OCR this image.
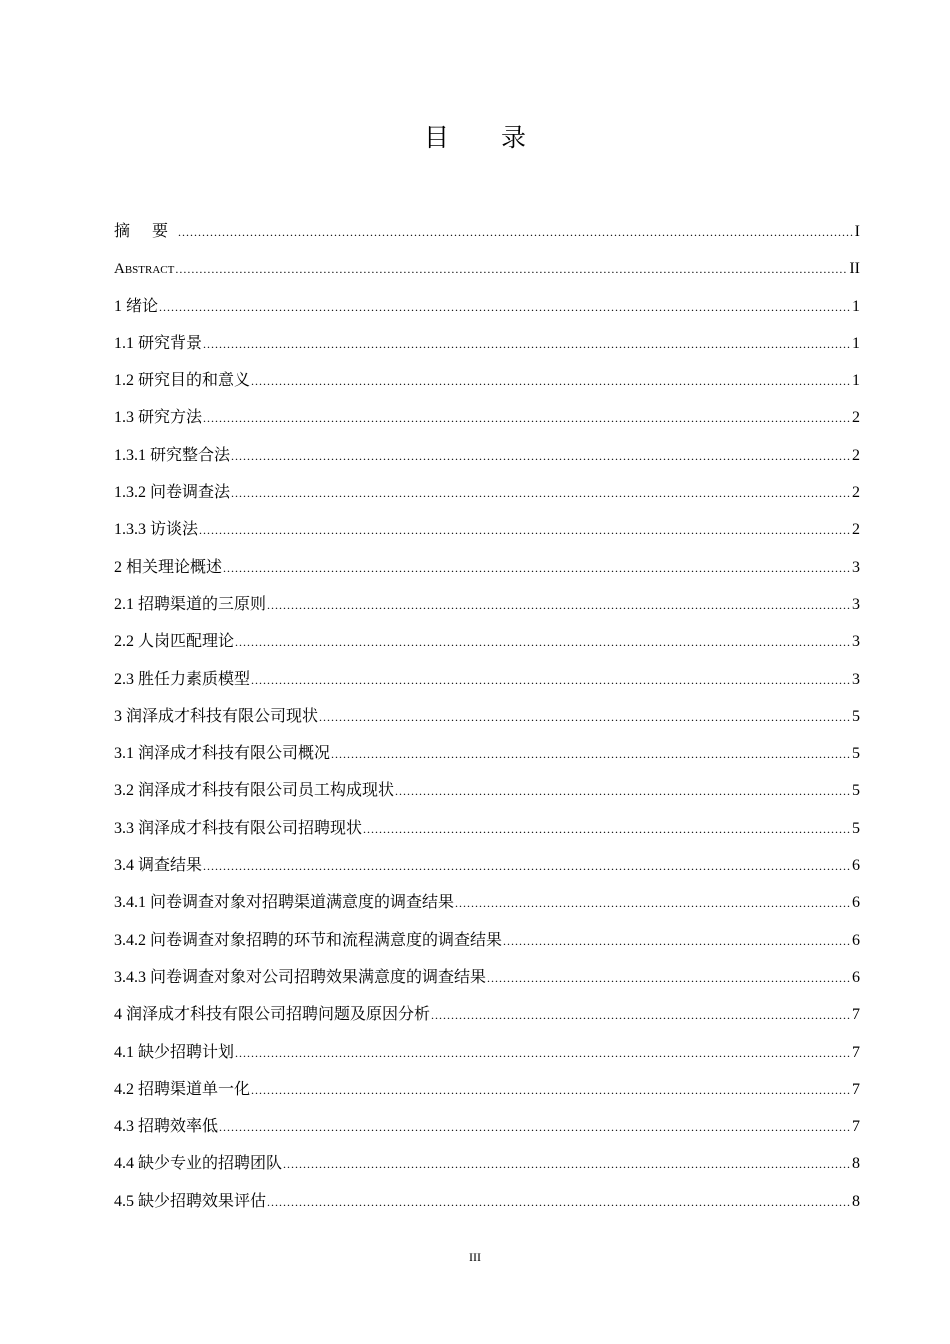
目 录
摘 要 .....	I
Abstract .....	II
1 绪论 .....	1
1.1 研究背景 .....	1
1.2 研究目的和意义 .....	1
1.3 研究方法 .....	2
1.3.1 研究整合法 .....	2
1.3.2 问卷调查法 .....	2
1.3.3 访谈法 .....	2
2 相关理论概述 .....	3
2.1 招聘渠道的三原则 .....	3
2.2 人岗匹配理论 .....	3
2.3 胜任力素质模型 .....	3
3 润泽成才科技有限公司现状 .....	5
3.1 润泽成才科技有限公司概况 .....	5
3.2 润泽成才科技有限公司员工构成现状 .....	5
3.3 润泽成才科技有限公司招聘现状 .....	5
3.4 调查结果 .....	6
3.4.1 问卷调查对象对招聘渠道满意度的调查结果 .....	6
3.4.2 问卷调查对象招聘的环节和流程满意度的调查结果 .....	6
3.4.3 问卷调查对象对公司招聘效果满意度的调查结果 .....	6
4 润泽成才科技有限公司招聘问题及原因分析 .....	7
4.1 缺少招聘计划 .....	7
4.2 招聘渠道单一化 .....	7
4.3 招聘效率低 .....	7
4.4 缺少专业的招聘团队 .....	8
4.5 缺少招聘效果评估 .....	8
III
